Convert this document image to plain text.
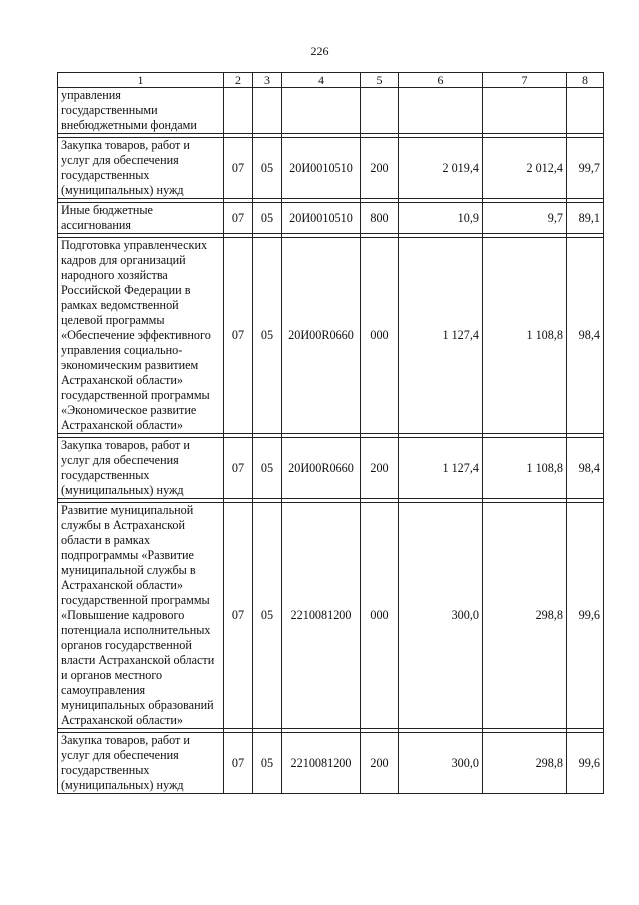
226
1	2	3	4	5	6	7	8
управления государственными внебюджетными фондами							

Закупка товаров, работ и услуг для обеспечения государственных (муниципальных) нужд	07	05	20И0010510	200	2 019,4	2 012,4	99,7

Иные бюджетные ассигнования	07	05	20И0010510	800	10,9	9,7	89,1

Подготовка управленческих кадров для организаций народного хозяйства Российской Федерации в рамках ведомственной целевой программы «Обеспечение эффективного управления социально-экономическим развитием Астраханской области» государственной программы «Экономическое развитие Астраханской области»	07	05	20И00R0660	000	1 127,4	1 108,8	98,4

Закупка товаров, работ и услуг для обеспечения государственных (муниципальных) нужд	07	05	20И00R0660	200	1 127,4	1 108,8	98,4

Развитие муниципальной службы в Астраханской области в рамках подпрограммы «Развитие муниципальной службы в Астраханской области» государственной программы «Повышение кадрового потенциала исполнительных органов государственной власти Астраханской области и органов местного самоуправления муниципальных образований Астраханской области»	07	05	2210081200	000	300,0	298,8	99,6

Закупка товаров, работ и услуг для обеспечения государственных (муниципальных) нужд	07	05	2210081200	200	300,0	298,8	99,6
